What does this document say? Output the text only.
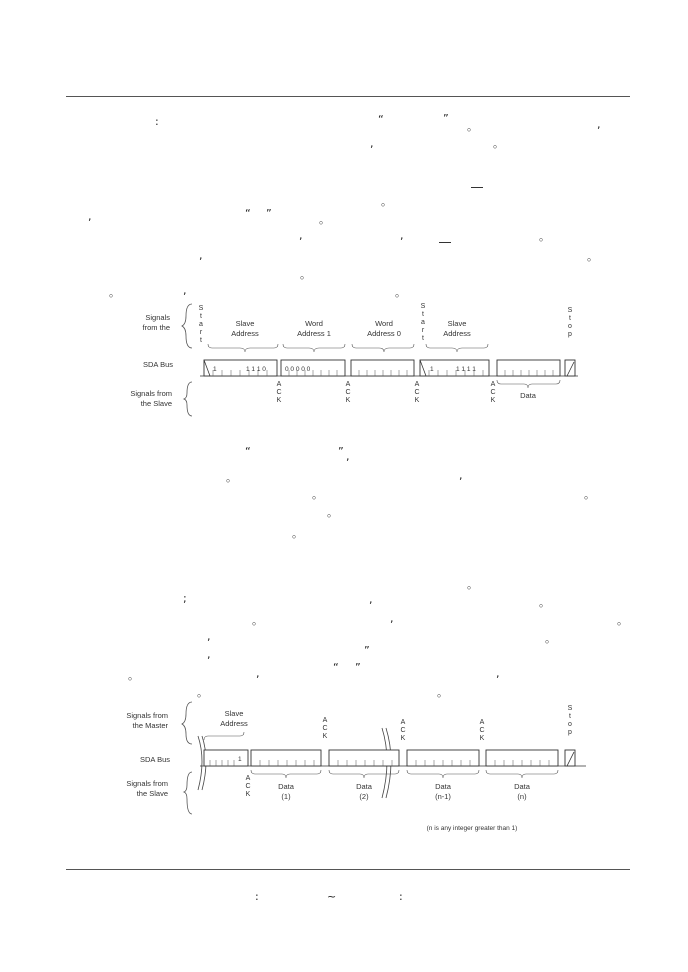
:	“	”
。	,
,	。
。
,	“ ”	。
,	,	。
,	。
。
。	,	。
Signals
from the
SDA Bus
Signals from
the Slave
S
t
a
r
t
Slave
Address
Word
Address 1
Word
Address 0
S
t
a
r
t
Slave
Address
S
t
o
p
1	1 1 1 0	0 0 0 0 0	1	1 1 1 1
A
C
K
A
C
K
A
C
K
A
C
K
Data
“	” ,
。	,
。	。
。
。
。
;	,	。
。	,	。
,	。
,	”
。	,	“ ”	,
。	。
Signals from
the Master
SDA Bus
Signals from
the Slave
Slave
Address
1
S
t
o
p
A
C
K
A
C
K
A
C
K
A
C
K
Data
(1)
Data
(2)
Data
(n-1)
Data
(n)
(n is any integer greater than 1)
:	~	:
